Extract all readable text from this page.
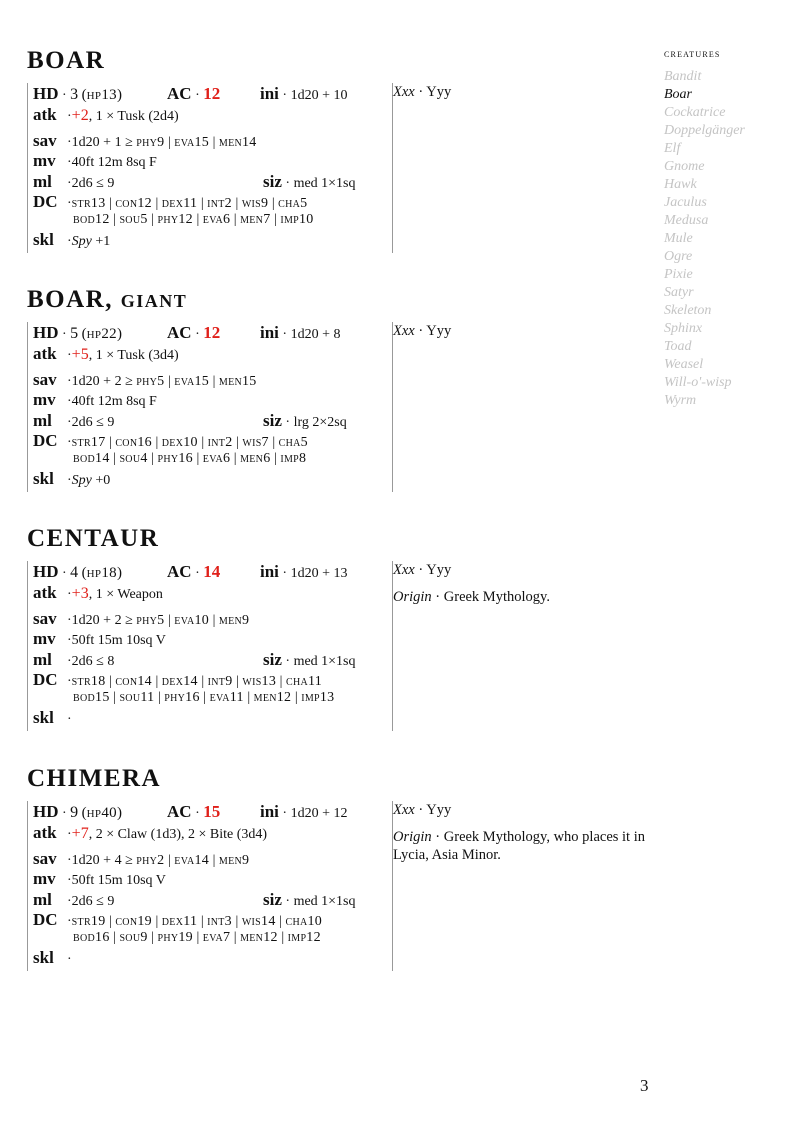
creatures
Bandit
Boar
Cockatrice
Doppelgänger
Elf
Gnome
Hawk
Jaculus
Medusa
Mule
Ogre
Pixie
Satyr
Skeleton
Sphinx
Toad
Weasel
Will-o'-wisp
Wyrm
BOAR
HD · 3 (hp13)	AC · 12 ini · 1d20 + 10
atk ·+2, 1 × Tusk (2d4)
sav ·1d20 + 1 ≥ phy9 | eva15 | men14
mv ·40ft 12m 8sq F
ml ·2d6 ≤ 9	siz · med 1×1sq
DC ·str13 | con12 | dex11 | int2 | wis9 | cha5
bod12 | sou5 | phy12 | eva6 | men7 | imp10
skl ·Spy +1
Xxx · Yyy
BOAR, giant
HD · 5 (hp22)	AC · 12 ini · 1d20 + 8
atk ·+5, 1 × Tusk (3d4)
sav ·1d20 + 2 ≥ phy5 | eva15 | men15
mv ·40ft 12m 8sq F
ml ·2d6 ≤ 9	siz · lrg 2×2sq
DC ·str17 | con16 | dex10 | int2 | wis7 | cha5
bod14 | sou4 | phy16 | eva6 | men6 | imp8
skl ·Spy +0
Xxx · Yyy
CENTAUR
HD · 4 (hp18)	AC · 14 ini · 1d20 + 13
atk ·+3, 1 × Weapon
sav ·1d20 + 2 ≥ phy5 | eva10 | men9
mv ·50ft 15m 10sq V
ml ·2d6 ≤ 8	siz · med 1×1sq
DC ·str18 | con14 | dex14 | int9 | wis13 | cha11
bod15 | sou11 | phy16 | eva11 | men12 | imp13
skl ·
Xxx · Yyy
Origin · Greek Mythology.
CHIMERA
HD · 9 (hp40)	AC · 15 ini · 1d20 + 12
atk ·+7, 2 × Claw (1d3), 2 × Bite (3d4)
sav ·1d20 + 4 ≥ phy2 | eva14 | men9
mv ·50ft 15m 10sq V
ml ·2d6 ≤ 9	siz · med 1×1sq
DC ·str19 | con19 | dex11 | int3 | wis14 | cha10
bod16 | sou9 | phy19 | eva7 | men12 | imp12
skl ·
Xxx · Yyy
Origin · Greek Mythology, who places it in Lycia, Asia Minor.
3
